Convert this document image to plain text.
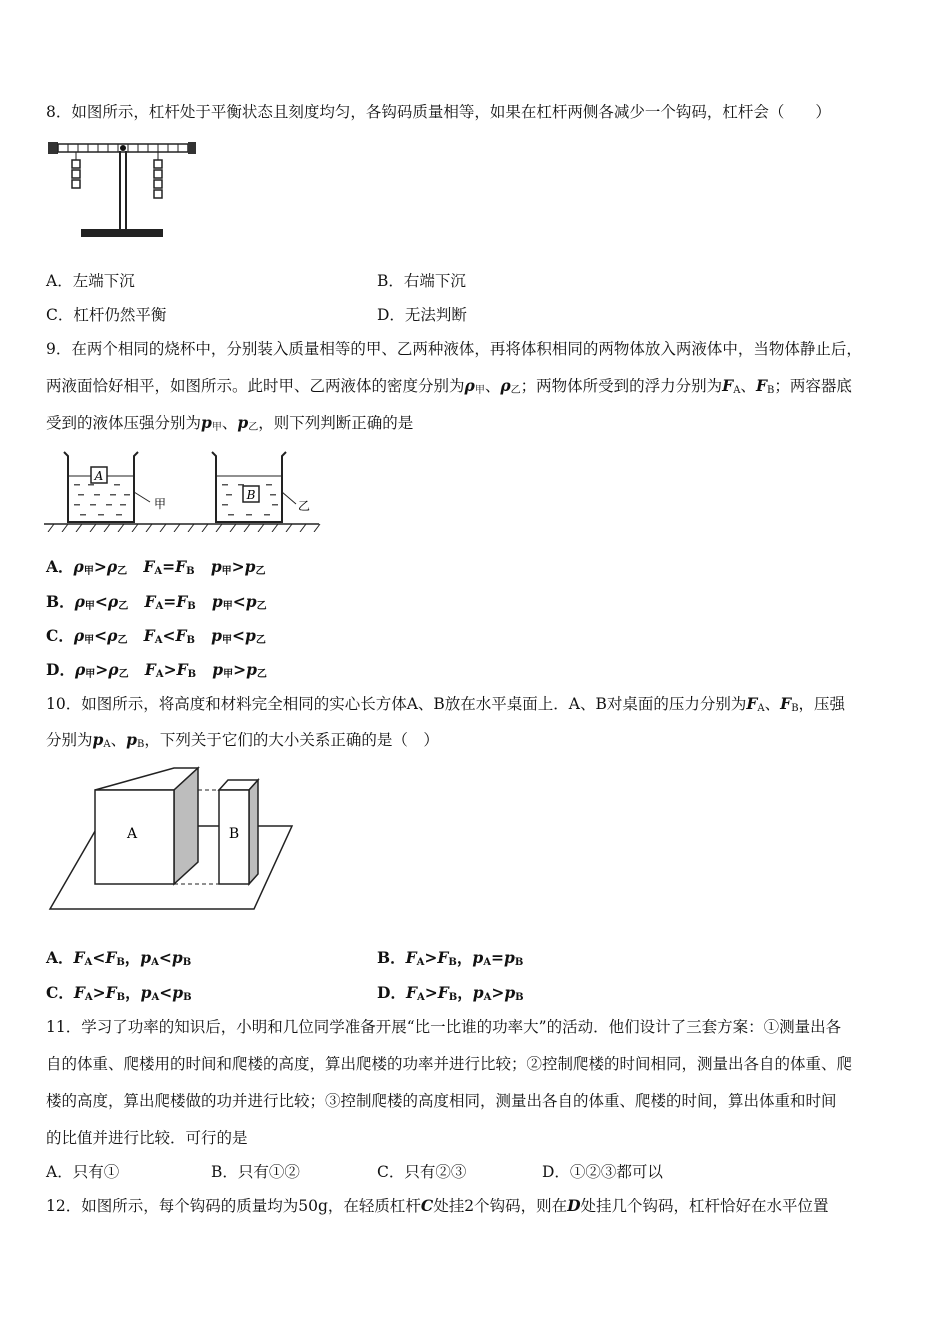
8．如图所示，杠杆处于平衡状态且刻度均匀，各钩码质量相等，如果在杠杆两侧各减少一个钩码，杠杆会（　　）
A．左端下沉	B．右端下沉
C．杠杆仍然平衡	D．无法判断
9．在两个相同的烧杯中，分别装入质量相等的甲、乙两种液体，再将体积相同的两物体放入两液体中，当物体静止后，
两液面恰好相平，如图所示。此时甲、乙两液体的密度分别为$\rho_甲$、$\rho_乙$；两物体所受到的浮力分别为$F_A$、$F_B$；两容器底
受到的液体压强分别为$p_甲$、$p_乙$，则下列判断正确的是
A
甲
B
乙
A．$\rho_甲>\rho_乙$ $F_A=F_B$ $p_甲>p_乙$
B．$\rho_甲<\rho_乙$ $F_A=F_B$ $p_甲<p_乙$
C．$\rho_甲<\rho_乙$ $F_A<F_B$ $p_甲<p_乙$
D．$\rho_甲>\rho_乙$ $F_A>F_B$ $p_甲>p_乙$
10．如图所示，将高度和材料完全相同的实心长方体A、B放在水平桌面上．A、B对桌面的压力分别为$F_A$、$F_B$，压强
分别为$p_A$、$p_B$，下列关于它们的大小关系正确的是（　）
A	B
A．$F_A<F_B$，$p_A<p_B$	B．$F_A>F_B$，$p_A=p_B$
C．$F_A>F_B$，$p_A<p_B$	D．$F_A>F_B$，$p_A>p_B$
11．学习了功率的知识后，小明和几位同学准备开展“比一比谁的功率大”的活动．他们设计了三套方案：①测量出各
自的体重、爬楼用的时间和爬楼的高度，算出爬楼的功率并进行比较；②控制爬楼的时间相同，测量出各自的体重、爬
楼的高度，算出爬楼做的功并进行比较；③控制爬楼的高度相同，测量出各自的体重、爬楼的时间，算出体重和时间
的比值并进行比较．可行的是
A．只有①	B．只有①②	C．只有②③	D．①②③都可以
12．如图所示，每个钩码的质量均为50g，在轻质杠杆C处挂2个钩码，则在D处挂几个钩码，杠杆恰好在水平位置
